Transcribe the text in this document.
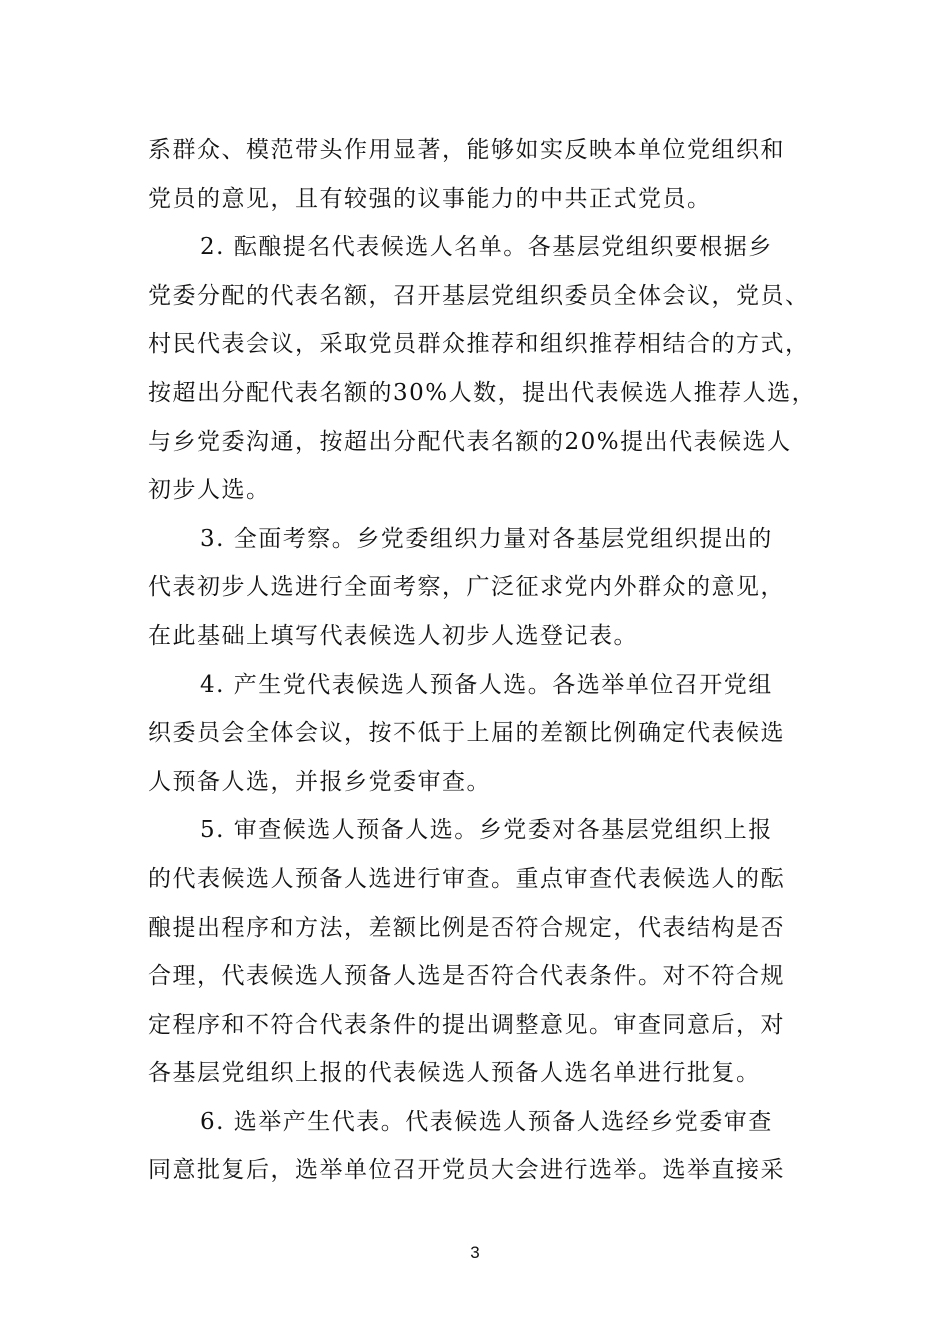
系群众、模范带头作用显著，能够如实反映本单位党组织和
党员的意见，且有较强的议事能力的中共正式党员。
2. 酝酿提名代表候选人名单。各基层党组织要根据乡
党委分配的代表名额，召开基层党组织委员全体会议，党员、
村民代表会议，采取党员群众推荐和组织推荐相结合的方式，
按超出分配代表名额的30%人数，提出代表候选人推荐人选，
与乡党委沟通，按超出分配代表名额的20%提出代表候选人
初步人选。
3. 全面考察。乡党委组织力量对各基层党组织提出的
代表初步人选进行全面考察，广泛征求党内外群众的意见，
在此基础上填写代表候选人初步人选登记表。
4. 产生党代表候选人预备人选。各选举单位召开党组
织委员会全体会议，按不低于上届的差额比例确定代表候选
人预备人选，并报乡党委审查。
5. 审查候选人预备人选。乡党委对各基层党组织上报
的代表候选人预备人选进行审查。重点审查代表候选人的酝
酿提出程序和方法，差额比例是否符合规定，代表结构是否
合理，代表候选人预备人选是否符合代表条件。对不符合规
定程序和不符合代表条件的提出调整意见。审查同意后，对
各基层党组织上报的代表候选人预备人选名单进行批复。
6. 选举产生代表。代表候选人预备人选经乡党委审查
同意批复后，选举单位召开党员大会进行选举。选举直接采
3
